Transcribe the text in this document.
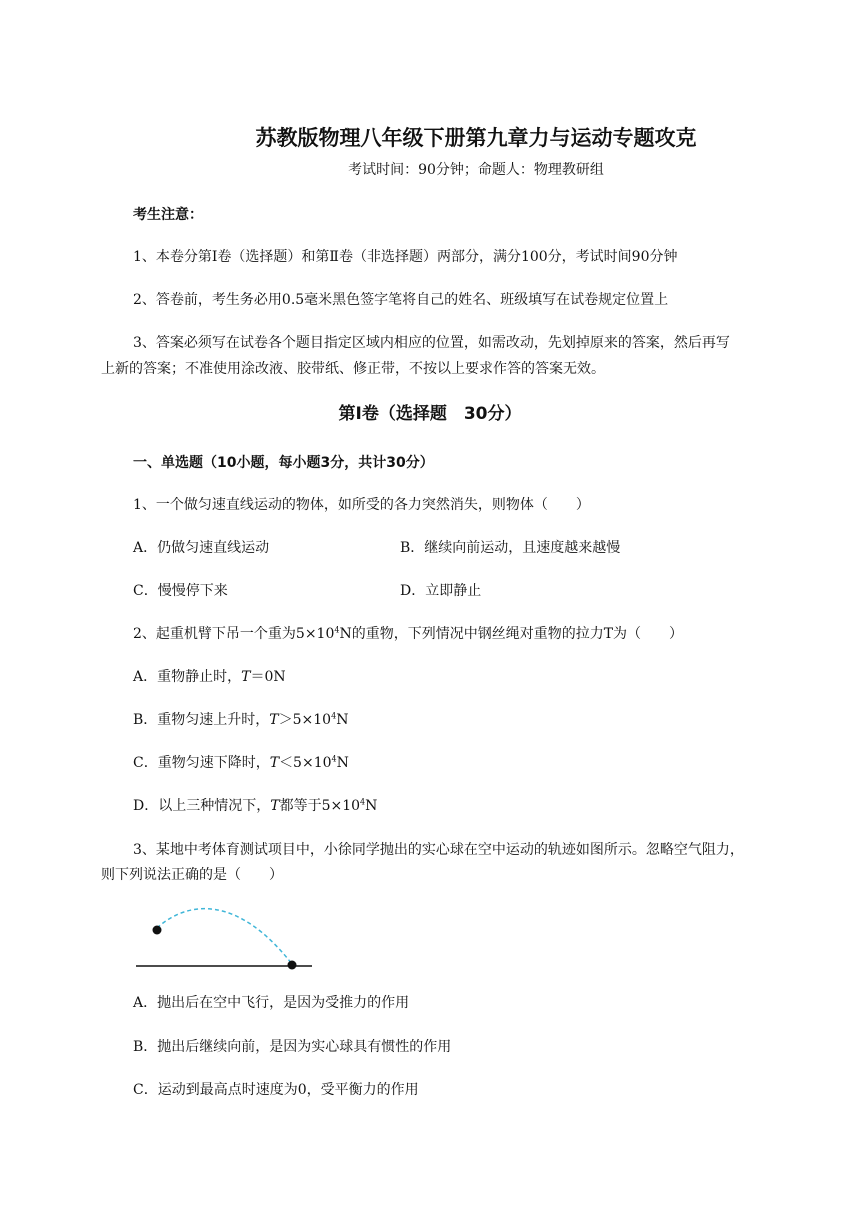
苏教版物理八年级下册第九章力与运动专题攻克
考试时间：90分钟；命题人：物理教研组
考生注意：
1、本卷分第Ⅰ卷（选择题）和第Ⅱ卷（非选择题）两部分，满分100分，考试时间90分钟
2、答卷前，考生务必用0.5毫米黑色签字笔将自己的姓名、班级填写在试卷规定位置上
3、答案必须写在试卷各个题目指定区域内相应的位置，如需改动，先划掉原来的答案，然后再写
上新的答案；不准使用涂改液、胶带纸、修正带，不按以上要求作答的答案无效。
第Ⅰ卷（选择题　30分）
一、单选题（10小题，每小题3分，共计30分）
1、一个做匀速直线运动的物体，如所受的各力突然消失，则物体（　　）
A．仍做匀速直线运动	B．继续向前运动，且速度越来越慢
C．慢慢停下来	D．立即静止
2、起重机臂下吊一个重为$5\times 10^4N$的重物，下列情况中钢丝绳对重物的拉力T为（　　）
A．重物静止时，T＝0N
B．重物匀速上升时，$T>5\times 10^4N$
C．重物匀速下降时，$T<5\times 10^4N$
D．以上三种情况下，T都等于$5\times 10^4N$
3、某地中考体育测试项目中，小徐同学抛出的实心球在空中运动的轨迹如图所示。忽略空气阻力，
则下列说法正确的是（　　）
A．抛出后在空中飞行，是因为受推力的作用
B．抛出后继续向前，是因为实心球具有惯性的作用
C．运动到最高点时速度为0，受平衡力的作用
